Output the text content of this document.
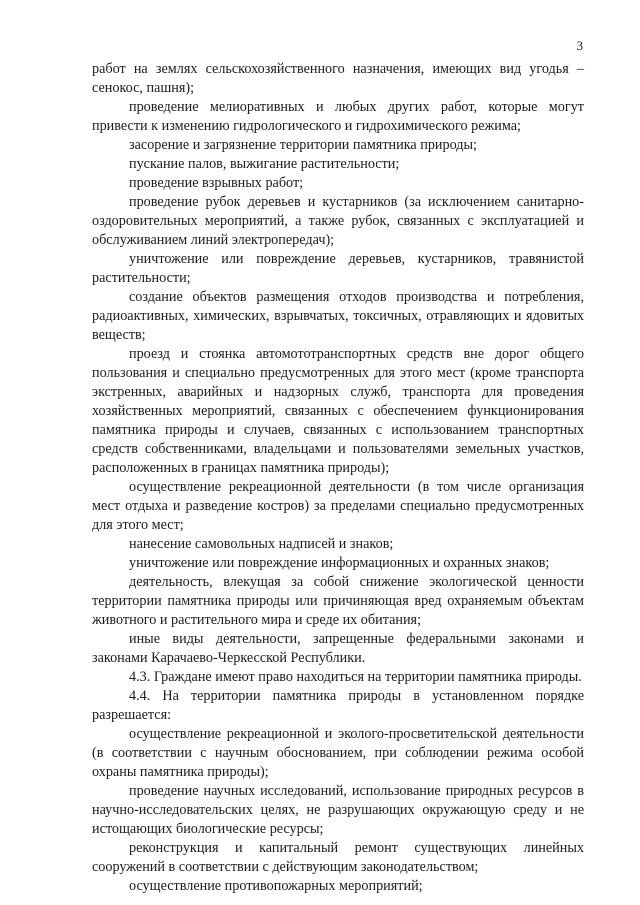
3

работ на землях сельскохозяйственного назначения, имеющих вид угодья – сенокос, пашня);

проведение мелиоративных и любых других работ, которые могут привести к изменению гидрологического и гидрохимического режима;

засорение и загрязнение территории памятника природы;

пускание палов, выжигание растительности;

проведение взрывных работ;

проведение рубок деревьев и кустарников (за исключением санитарно-оздоровительных мероприятий, а также рубок, связанных с эксплуатацией и обслуживанием линий электропередач);

уничтожение или повреждение деревьев, кустарников, травянистой растительности;

создание объектов размещения отходов производства и потребления, радиоактивных, химических, взрывчатых, токсичных, отравляющих и ядовитых веществ;

проезд и стоянка автомототранспортных средств вне дорог общего пользования и специально предусмотренных для этого мест (кроме транспорта экстренных, аварийных и надзорных служб, транспорта для проведения хозяйственных мероприятий, связанных с обеспечением функционирования памятника природы и случаев, связанных с использованием транспортных средств собственниками, владельцами и пользователями земельных участков, расположенных в границах памятника природы);

осуществление рекреационной деятельности (в том числе организация мест отдыха и разведение костров) за пределами специально предусмотренных для этого мест;

нанесение самовольных надписей и знаков;

уничтожение или повреждение информационных и охранных знаков;

деятельность, влекущая за собой снижение экологической ценности территории памятника природы или причиняющая вред охраняемым объектам животного и растительного мира и среде их обитания;

иные виды деятельности, запрещенные федеральными законами и законами Карачаево-Черкесской Республики.

4.3. Граждане имеют право находиться на территории памятника природы.

4.4. На территории памятника природы в установленном порядке разрешается:

осуществление рекреационной и эколого-просветительской деятельности (в соответствии с научным обоснованием, при соблюдении режима особой охраны памятника природы);

проведение научных исследований, использование природных ресурсов в научно-исследовательских целях, не разрушающих окружающую среду и не истощающих биологические ресурсы;

реконструкция и капитальный ремонт существующих линейных сооружений в соответствии с действующим законодательством;

осуществление противопожарных мероприятий;
